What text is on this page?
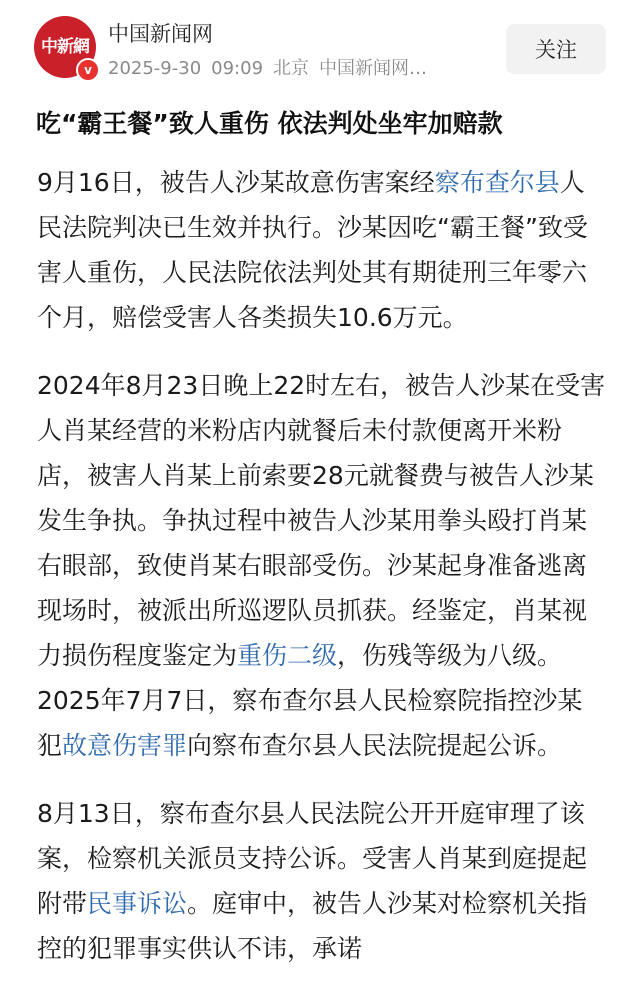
中新網
v
中国新闻网
2025-9-30 09:09 北京 中国新闻网…
关注
吃“霸王餐”致人重伤 依法判处坐牢加赔款

9月16日，被告人沙某故意伤害案经察布查尔县人民法院判决已生效并执行。沙某因吃“霸王餐”致受害人重伤，人民法院依法判处其有期徒刑三年零六个月，赔偿受害人各类损失10.6万元。

2024年8月23日晚上22时左右，被告人沙某在受害人肖某经营的米粉店内就餐后未付款便离开米粉店，被害人肖某上前索要28元就餐费与被告人沙某发生争执。争执过程中被告人沙某用拳头殴打肖某右眼部，致使肖某右眼部受伤。沙某起身准备逃离现场时，被派出所巡逻队员抓获。经鉴定，肖某视力损伤程度鉴定为重伤二级，伤残等级为八级。2025年7月7日，察布查尔县人民检察院指控沙某犯故意伤害罪向察布查尔县人民法院提起公诉。

8月13日，察布查尔县人民法院公开开庭审理了该案，检察机关派员支持公诉。受害人肖某到庭提起附带民事诉讼。庭审中，被告人沙某对检察机关指控的犯罪事实供认不讳，承诺
